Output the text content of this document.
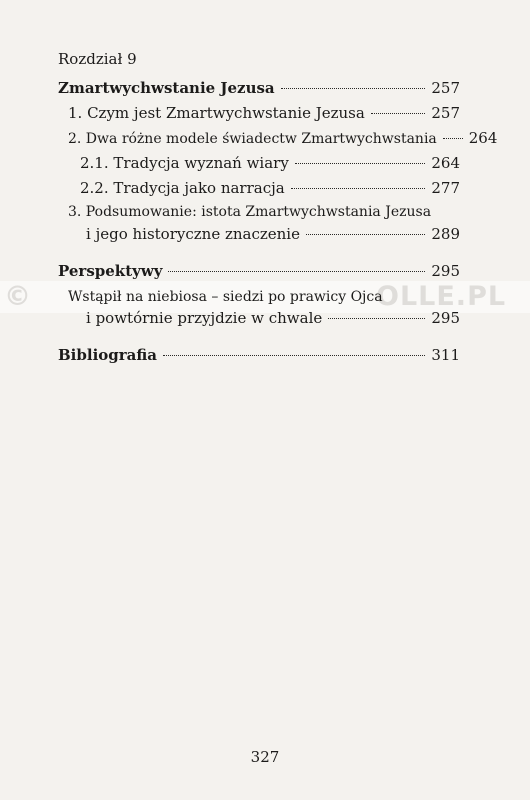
©	OLLE.PL
Rozdział 9
Zmartwychwstanie Jezusa	257
1. Czym jest Zmartwychwstanie Jezusa	257
2. Dwa różne modele świadectw Zmartwychwstania 264
2.1. Tradycja wyznań wiary	264
2.2. Tradycja jako narracja	277
3. Podsumowanie: istota Zmartwychwstania Jezusa
i jego historyczne znaczenie	289
Perspektywy	295
Wstąpił na niebiosa – siedzi po prawicy Ojca
i powtórnie przyjdzie w chwale	295
Bibliografia	311
327
